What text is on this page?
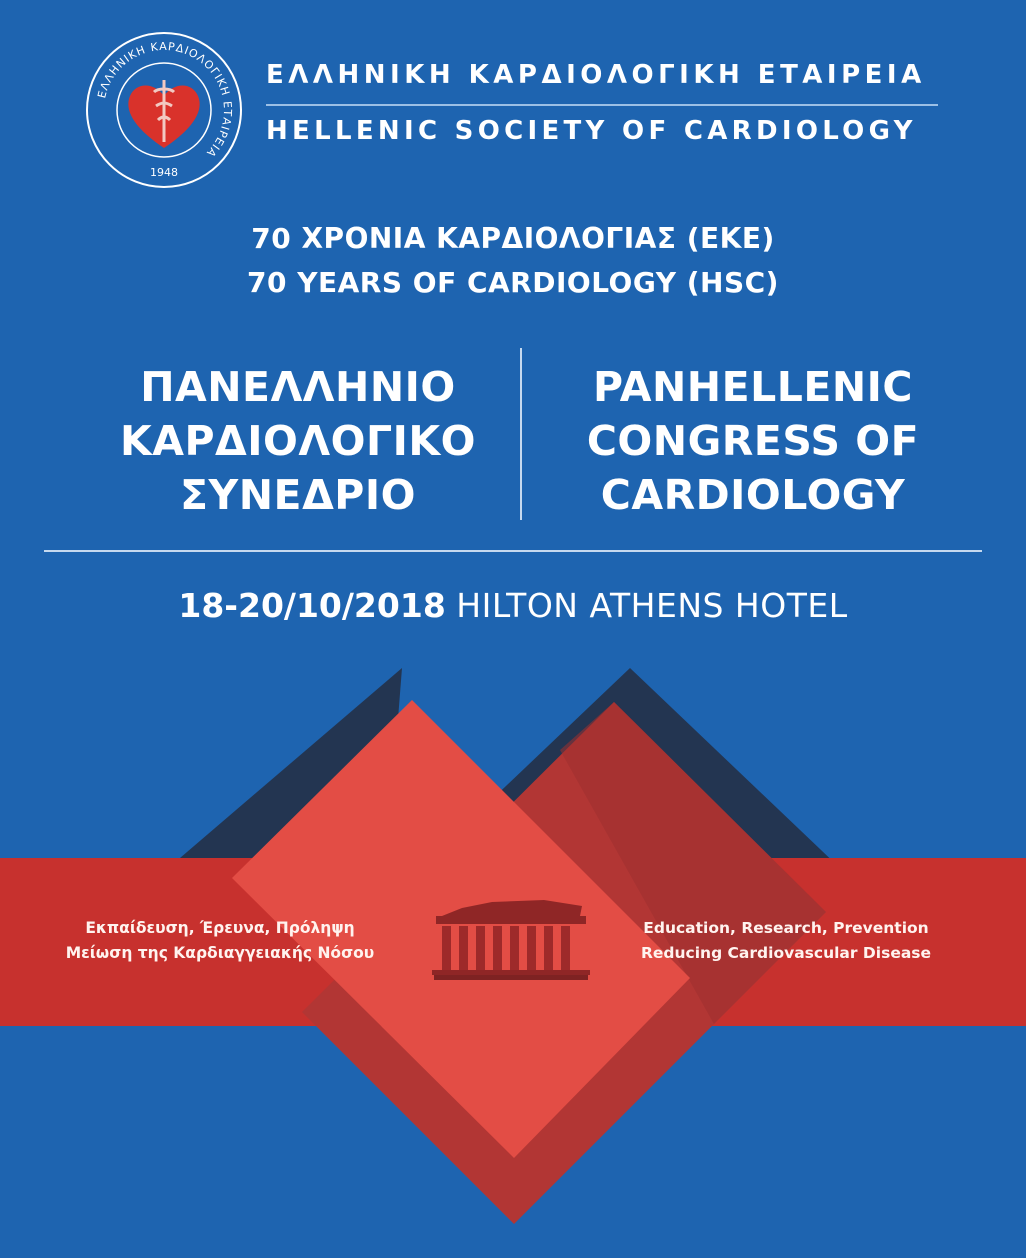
ΕΛΛΗΝΙΚΗ ΚΑΡΔΙΟΛΟΓΙΚΗ ΕΤΑΙΡΕΙΑ
1948
ΕΛΛΗΝΙΚΗ ΚΑΡΔΙΟΛΟΓΙΚΗ ΕΤΑΙΡΕΙΑ
HELLENIC SOCIETY OF CARDIOLOGY
70 ΧΡΟΝΙΑ ΚΑΡΔΙΟΛΟΓΙΑΣ (ΕΚΕ)
70 YEARS OF CARDIOLOGY (HSC)
ΠΑΝΕΛΛΗΝΙΟ
ΚΑΡΔΙΟΛΟΓΙΚΟ
ΣΥΝΕΔΡΙΟ
PANHELLENIC
CONGRESS OF
CARDIOLOGY
18-20/10/2018 HILTON ATHENS HOTEL
Εκπαίδευση, Έρευνα, Πρόληψη
Μείωση της Καρδιαγγειακής Νόσου
Education, Research, Prevention
Reducing Cardiovascular Disease
